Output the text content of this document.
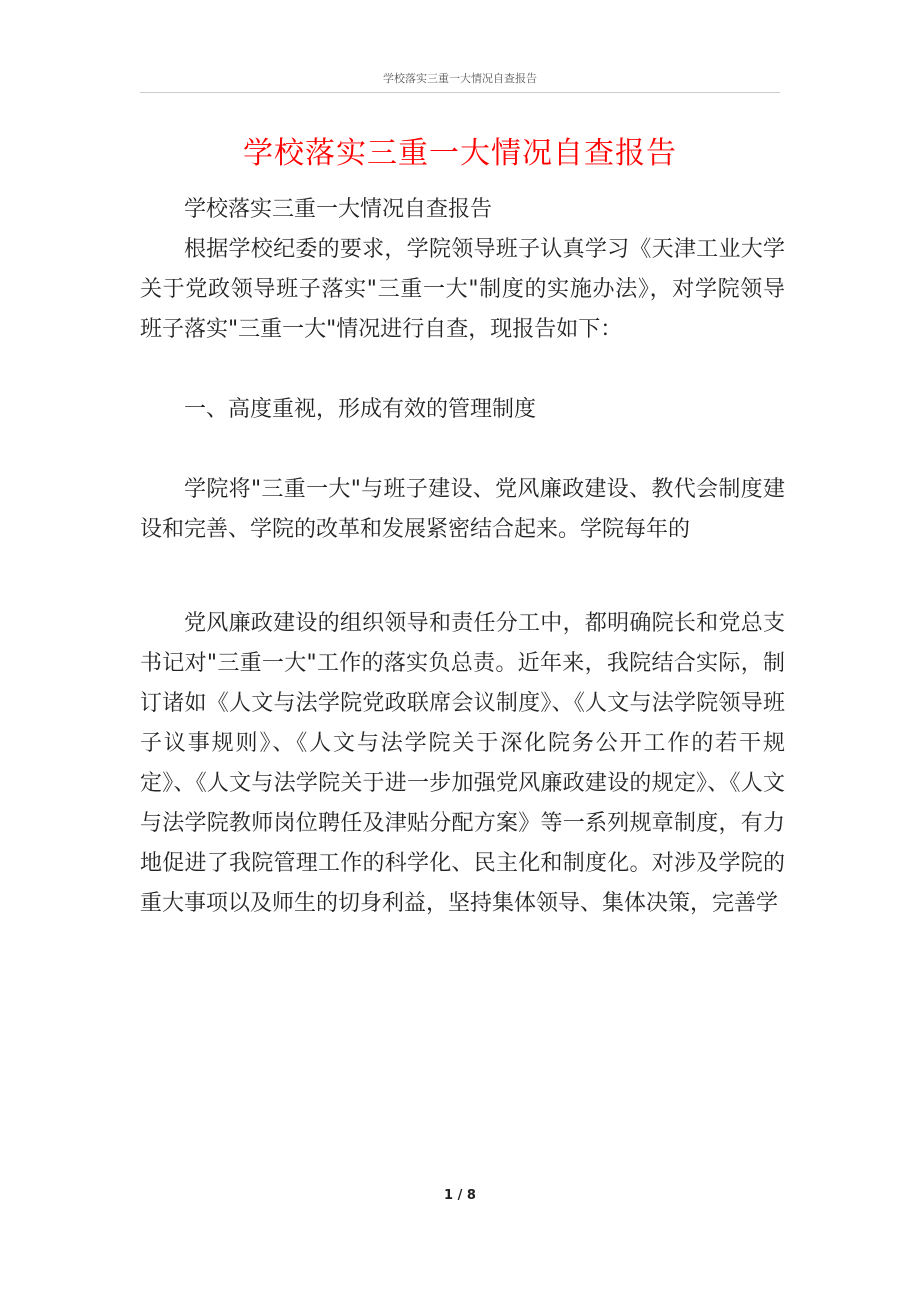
学校落实三重一大情况自查报告
学校落实三重一大情况自查报告

学校落实三重一大情况自查报告

根据学校纪委的要求，学院领导班子认真学习《天津工业大学关于党政领导班子落实"三重一大"制度的实施办法》，对学院领导班子落实"三重一大"情况进行自查，现报告如下：

一、高度重视，形成有效的管理制度

学院将"三重一大"与班子建设、党风廉政建设、教代会制度建设和完善、学院的改革和发展紧密结合起来。学院每年的

党风廉政建设的组织领导和责任分工中，都明确院长和党总支书记对"三重一大"工作的落实负总责。近年来，我院结合实际，制订诸如《人文与法学院党政联席会议制度》、《人文与法学院领导班子议事规则》、《人文与法学院关于深化院务公开工作的若干规定》、《人文与法学院关于进一步加强党风廉政建设的规定》、《人文与法学院教师岗位聘任及津贴分配方案》等一系列规章制度，有力地促进了我院管理工作的科学化、民主化和制度化。对涉及学院的重大事项以及师生的切身利益，坚持集体领导、集体决策，完善学

1 / 8
